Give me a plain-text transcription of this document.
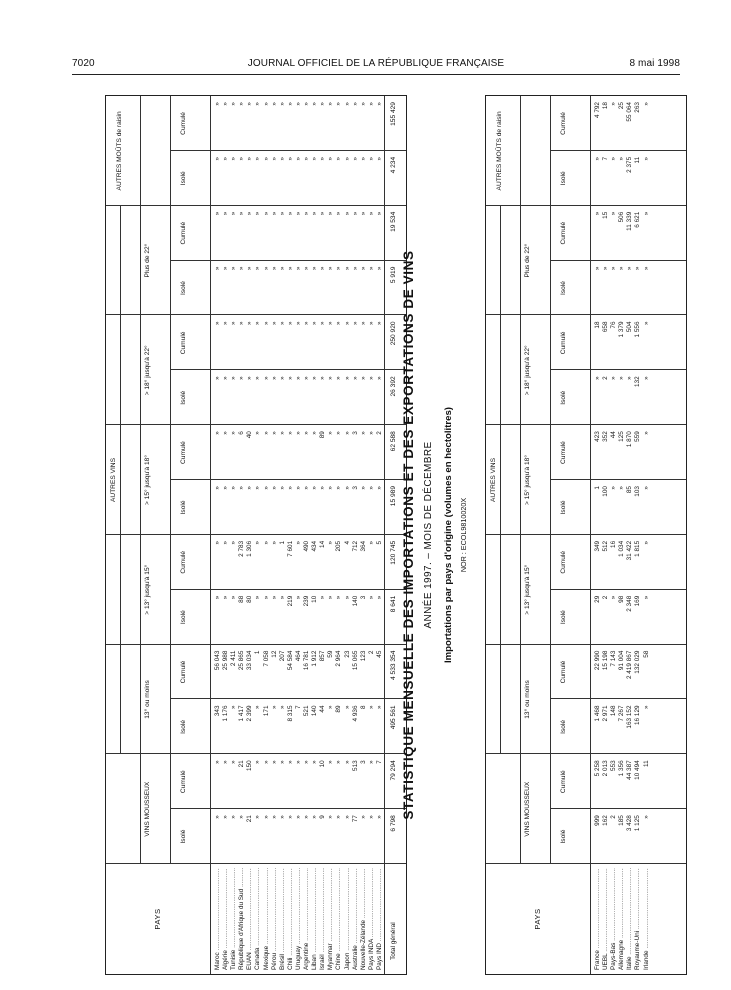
7020	JOURNAL OFFICIEL DE LA RÉPUBLIQUE FRANÇAISE	8 mai 1998
PAYS
VINS MOUSSEUX
AUTRES VINS
AUTRES MOÛTS de raisin
13° ou moins
> 13° jusqu'à 15°
> 15° jusqu'à 18°
> 18° jusqu'à 22°
Plus de 22°
Isolé
Cumulé
Isolé
Cumulé
Isolé
Cumulé
Isolé
Cumulé
Isolé
Cumulé
Isolé
Cumulé
Isolé
Cumulé
Maroc ..... Algérie ..... Tunisie ..... République d'Afrique du Sud ..... EUAN ..... Canada ..... Mexique ..... Pérou ..... Brésil ..... Chili ..... Uruguay ..... Argentine ..... Liban ..... Israël ..... Myanmar ..... Chine ..... Japon ..... Australie ..... Nouvelle-Zélande ..... Pays INDA ..... Pays IND .....
» » » » 21 » » » » » » » » 9 » » » 77 » » »
» » » 21 150 » » » » » » » » 10 » » » 513 3 » 7
343 1 176 » 1 417 2 399 » 171 » » 8 315 7 521 140 44 » 89 » 4 936 8 » »
56 043 25 988 2 411 25 865 33 034 1 7 058 12 207 54 584 464 16 781 1 912 857 59 2 964 23 15 065 123 2 45
» » » 88 80 » » » » 219 » 239 10 » » » » 140 3 » »
» » » 2 783 1 306 » » » 1 7 601 » 490 434 14 » 205 4 712 364 » 5
» » » » » » » » » » » » » » » » » 3 » » »
» » » 6 40 » » » » » » » » 89 » » » 3 » » 2
» » » » » » » » » » » » » » » » » » » » »
» » » » » » » » » » » » » » » » » » » » »
» » » » » » » » » » » » » » » » » » » » »
» » » » » » » » » » » » » » » » » » » » »
» » » » » » » » » » » » » » » » » » » » »
» » » » » » » » » » » » » » » » » » » » »
Total général
6 798
79 294
495 561
4 533 354
8 641
120 745
15 989
62 588
26 392
250 920
5 919
19 534
4 234
155 429
STATISTIQUE MENSUELLE DES IMPORTATIONS ET DES EXPORTATIONS DE VINS ANNÉE 1997. – MOIS DE DÉCEMBRE Importations par pays d'origine (volumes en hectolitres) NOR : ECOL9810020X
PAYS
VINS MOUSSEUX
AUTRES VINS
AUTRES MOÛTS de raisin
13° ou moins
> 13° jusqu'à 15°
> 15° jusqu'à 18°
> 18° jusqu'à 22°
Plus de 22°
Isolé
Cumulé
Isolé
Cumulé
Isolé
Cumulé
Isolé
Cumulé
Isolé
Cumulé
Isolé
Cumulé
Isolé
Cumulé
France ..... UEBL ..... Pays-Bas ..... Allemagne ..... Italie ..... Royaume-Uni ..... Irlande .....
999 162 2 185 3 428 1 125 »
5 258 2 013 553 1 356 44 387 10 494 11
1 468 2 971 148 7 267 163 152 16 129 »
22 990 15 198 7 143 91 004 2 419 867 132 029 58
29 2 » 98 2 348 169 »
349 512 16 1 034 31 422 1 815 »
1 100 » » 85 103 »
423 352 44 125 1 870 559 »
» 2 » » » 132 »
18 658 76 1 379 504 1 556 »
» » » » » » »
» 15 » 506 11 339 6 621 »
» 7 » » 2 375 11 »
4 792 18 » 25 55 064 263 »
